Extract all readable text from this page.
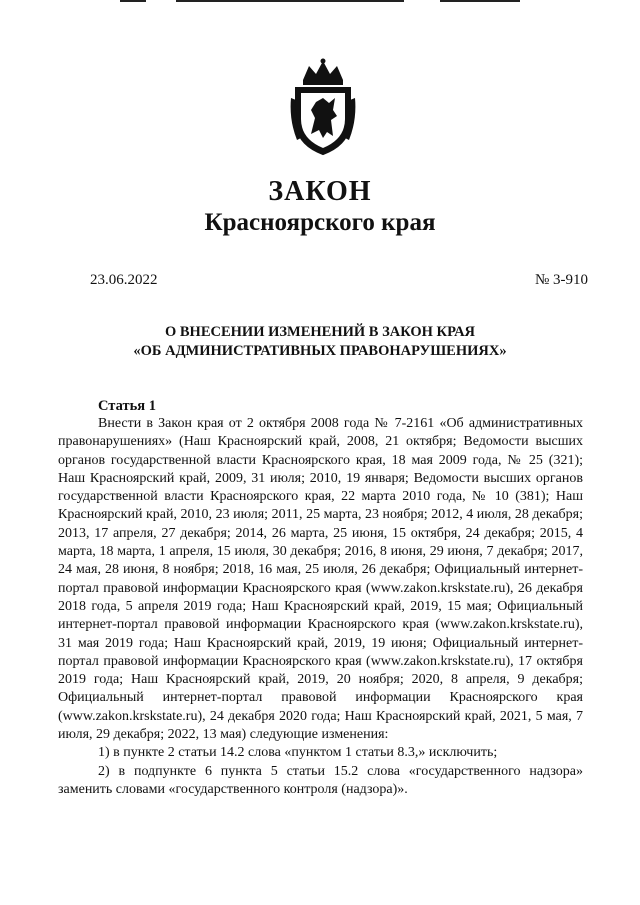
ЗАКОН
Красноярского края
23.06.2022	№ 3-910
О ВНЕСЕНИИ ИЗМЕНЕНИЙ В ЗАКОН КРАЯ
«ОБ АДМИНИСТРАТИВНЫХ ПРАВОНАРУШЕНИЯХ»
Статья 1

Внести в Закон края от 2 октября 2008 года № 7-2161 «Об административных правонарушениях» (Наш Красноярский край, 2008, 21 октября; Ведомости высших органов государственной власти Красноярского края, 18 мая 2009 года, № 25 (321); Наш Красноярский край, 2009, 31 июля; 2010, 19 января; Ведомости высших органов государственной власти Красноярского края, 22 марта 2010 года, № 10 (381); Наш Красноярский край, 2010, 23 июля; 2011, 25 марта, 23 ноября; 2012, 4 июля, 28 декабря; 2013, 17 апреля, 27 декабря; 2014, 26 марта, 25 июня, 15 октября, 24 декабря; 2015, 4 марта, 18 марта, 1 апреля, 15 июля, 30 декабря; 2016, 8 июня, 29 июня, 7 декабря; 2017, 24 мая, 28 июня, 8 ноября; 2018, 16 мая, 25 июля, 26 декабря; Официальный интернет-портал правовой информации Красноярского края (www.zakon.krskstate.ru), 26 декабря 2018 года, 5 апреля 2019 года; Наш Красноярский край, 2019, 15 мая; Официальный интернет-портал правовой информации Красноярского края (www.zakon.krskstate.ru), 31 мая 2019 года; Наш Красноярский край, 2019, 19 июня; Официальный интернет-портал правовой информации Красноярского края (www.zakon.krskstate.ru), 17 октября 2019 года; Наш Красноярский край, 2019, 20 ноября; 2020, 8 апреля, 9 декабря; Официальный интернет-портал правовой информации Красноярского края (www.zakon.krskstate.ru), 24 декабря 2020 года; Наш Красноярский край, 2021, 5 мая, 7 июля, 29 декабря; 2022, 13 мая) следующие изменения:

1) в пункте 2 статьи 14.2 слова «пунктом 1 статьи 8.3,» исключить;

2) в подпункте 6 пункта 5 статьи 15.2 слова «государственного надзора» заменить словами «государственного контроля (надзора)».
